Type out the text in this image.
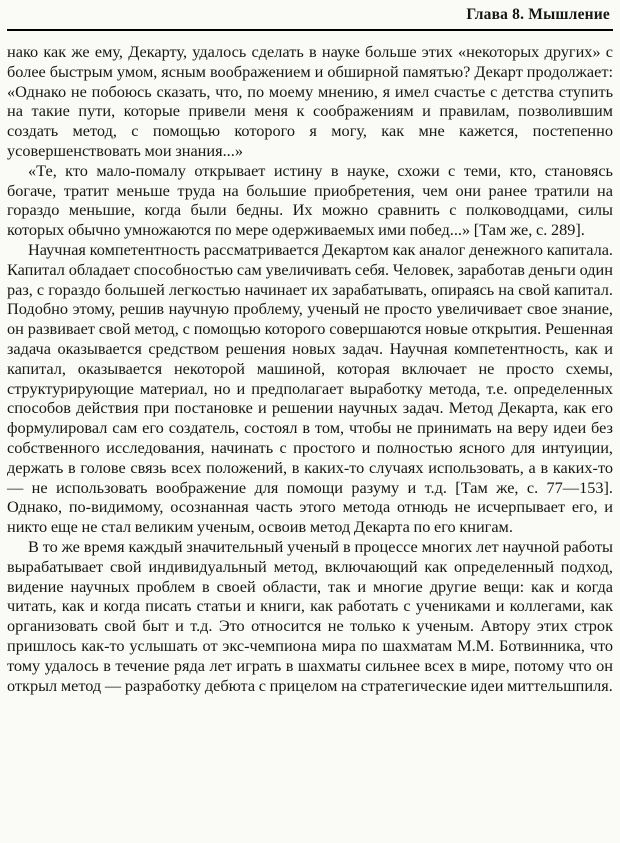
Глава 8. Мышление

нако как же ему, Декарту, удалось сделать в науке больше этих «некоторых других» с более быстрым умом, ясным воображением и обширной памятью? Декарт продолжает: «Однако не побоюсь сказать, что, по моему мнению, я имел счастье с детства ступить на такие пути, которые привели меня к соображениям и правилам, позволившим создать метод, с помощью которого я могу, как мне кажется, постепенно усовершенствовать мои знания...»

«Те, кто мало-помалу открывает истину в науке, схожи с теми, кто, становясь богаче, тратит меньше труда на большие приобретения, чем они ранее тратили на гораздо меньшие, когда были бедны. Их можно сравнить с полководцами, силы которых обычно умножаются по мере одерживаемых ими побед...» [Там же, с. 289].

Научная компетентность рассматривается Декартом как аналог денежного капитала. Капитал обладает способностью сам увеличивать себя. Человек, заработав деньги один раз, с гораздо большей легкостью начинает их зарабатывать, опираясь на свой капитал. Подобно этому, решив научную проблему, ученый не просто увеличивает свое знание, он развивает свой метод, с помощью которого совершаются новые открытия. Решенная задача оказывается средством решения новых задач. Научная компетентность, как и капитал, оказывается некоторой машиной, которая включает не просто схемы, структурирующие материал, но и предполагает выработку метода, т.е. определенных способов действия при постановке и решении научных задач. Метод Декарта, как его формулировал сам его создатель, состоял в том, чтобы не принимать на веру идеи без собственного исследования, начинать с простого и полностью ясного для интуиции, держать в голове связь всех положений, в каких-то случаях использовать, а в каких-то — не использовать воображение для помощи разуму и т.д. [Там же, с. 77—153]. Однако, по-видимому, осознанная часть этого метода отнюдь не исчерпывает его, и никто еще не стал великим ученым, освоив метод Декарта по его книгам.

В то же время каждый значительный ученый в процессе многих лет научной работы вырабатывает свой индивидуальный метод, включающий как определенный подход, видение научных проблем в своей области, так и многие другие вещи: как и когда читать, как и когда писать статьи и книги, как работать с учениками и коллегами, как организовать свой быт и т.д. Это относится не только к ученым. Автору этих строк пришлось как-то услышать от экс-чемпиона мира по шахматам М.М. Ботвинника, что тому удалось в течение ряда лет играть в шахматы сильнее всех в мире, потому что он открыл метод — разработку дебюта с прицелом на стратегические идеи миттельшпиля.
